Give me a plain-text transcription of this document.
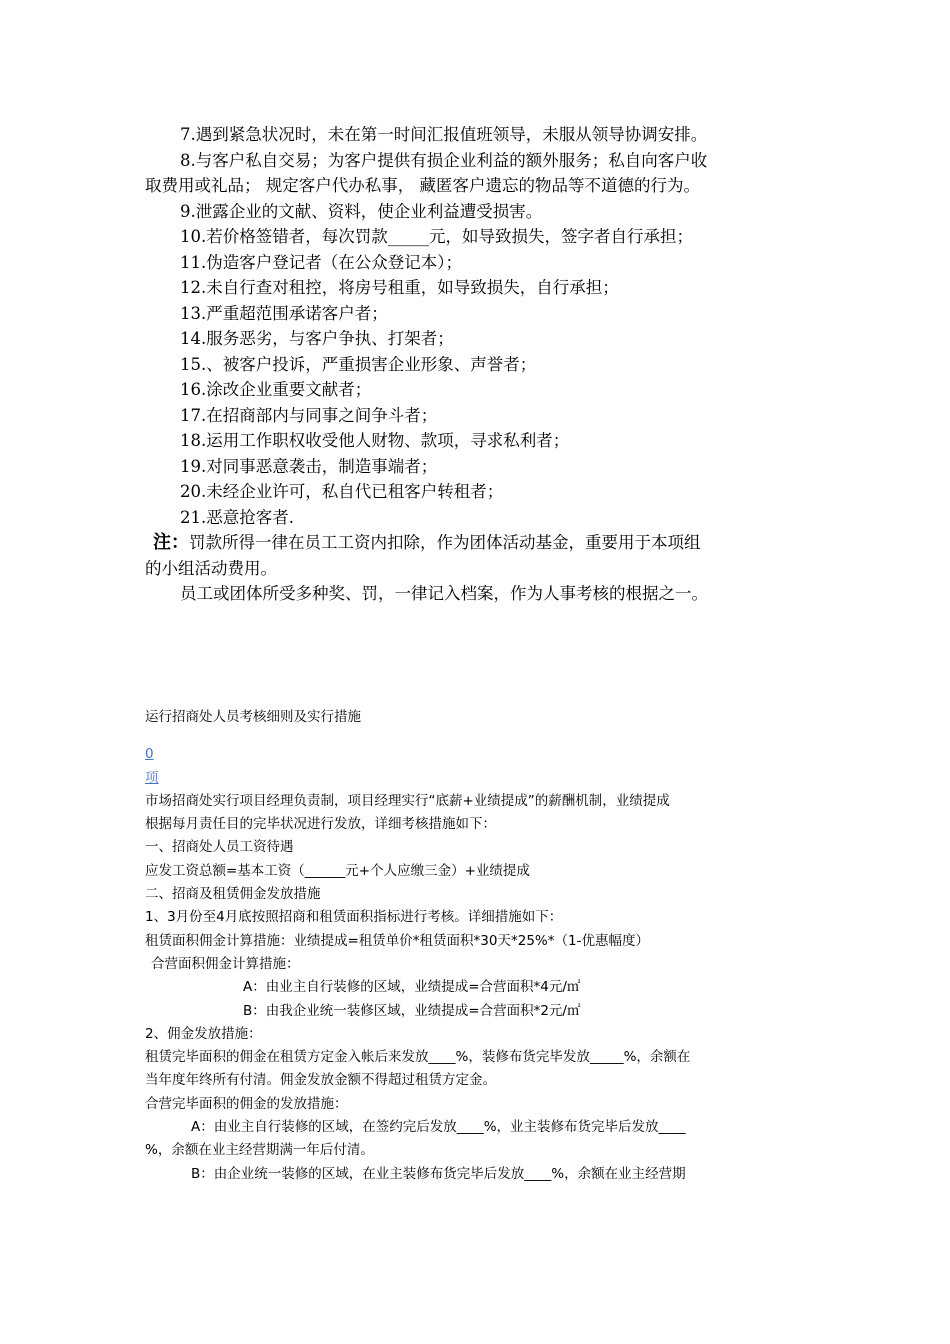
7.遇到紧急状况时，未在第一时间汇报值班领导，未服从领导协调安排。
8.与客户私自交易；为客户提供有损企业利益的额外服务；私自向客户收
取费用或礼品； 规定客户代办私事， 藏匿客户遗忘的物品等不道德的行为。
9.泄露企业的文献、资料，使企业利益遭受损害。
10.若价格签错者，每次罚款_____元，如导致损失，签字者自行承担；
11.伪造客户登记者（在公众登记本）；
12.未自行查对租控，将房号租重，如导致损失，自行承担；
13.严重超范围承诺客户者；
14.服务恶劣，与客户争执、打架者；
15.、被客户投诉，严重损害企业形象、声誉者；
16.涂改企业重要文献者；
17.在招商部内与同事之间争斗者；
18.运用工作职权收受他人财物、款项，寻求私利者；
19.对同事恶意袭击，制造事端者；
20.未经企业许可，私自代已租客户转租者；
21.恶意抢客者.
注：罚款所得一律在员工工资内扣除，作为团体活动基金，重要用于本项组
的小组活动费用。
员工或团体所受多种奖、罚，一律记入档案，作为人事考核的根据之一。
运行招商处人员考核细则及实行措施
0
项
市场招商处实行项目经理负责制，项目经理实行“底薪+业绩提成”的薪酬机制，业绩提成
根据每月责任目的完毕状况进行发放，详细考核措施如下：
一、招商处人员工资待遇
应发工资总额=基本工资（______元+个人应缴三金）+业绩提成
二、招商及租赁佣金发放措施
1、3月份至4月底按照招商和租赁面积指标进行考核。详细措施如下：
租赁面积佣金计算措施：业绩提成=租赁单价*租赁面积*30天*25%*（1-优惠幅度）
合营面积佣金计算措施：
A：由业主自行装修的区域，业绩提成=合营面积*4元/㎡
B：由我企业统一装修区域，业绩提成=合营面积*2元/㎡
2、佣金发放措施：
租赁完毕面积的佣金在租赁方定金入帐后来发放____%，装修布货完毕发放_____%，余额在
当年度年终所有付清。佣金发放金额不得超过租赁方定金。
合营完毕面积的佣金的发放措施：
A：由业主自行装修的区域，在签约完后发放____%，业主装修布货完毕后发放____
%，余额在业主经营期满一年后付清。
B：由企业统一装修的区域，在业主装修布货完毕后发放____%，余额在业主经营期
